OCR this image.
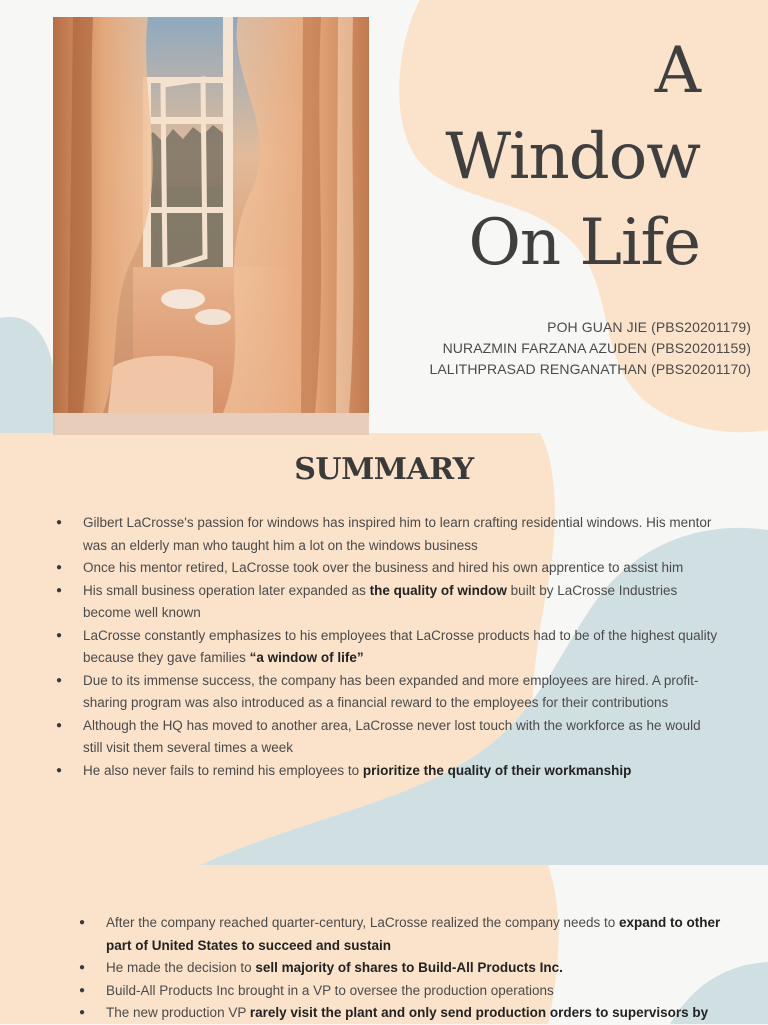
A
Window
On Life
POH GUAN JIE (PBS20201179)
NURAZMIN FARZANA AZUDEN (PBS20201159)
LALITHPRASAD RENGANATHAN (PBS20201170)
SUMMARY
● Gilbert LaCrosse's passion for windows has inspired him to learn crafting residential windows. His mentor was an elderly man who taught him a lot on the windows business
● Once his mentor retired, LaCrosse took over the business and hired his own apprentice to assist him
● His small business operation later expanded as the quality of window built by LaCrosse Industries become well known
● LaCrosse constantly emphasizes to his employees that LaCrosse products had to be of the highest quality because they gave families “a window of life”
● Due to its immense success, the company has been expanded and more employees are hired. A profit-sharing program was also introduced as a financial reward to the employees for their contributions
● Although the HQ has moved to another area, LaCrosse never lost touch with the workforce as he would still visit them several times a week
● He also never fails to remind his employees to prioritize the quality of their workmanship
● After the company reached quarter-century, LaCrosse realized the company needs to expand to other part of United States to succeed and sustain
● He made the decision to sell majority of shares to Build-All Products Inc.
● Build-All Products Inc brought in a VP to oversee the production operations
● The new production VP rarely visit the plant and only send production orders to supervisors by
